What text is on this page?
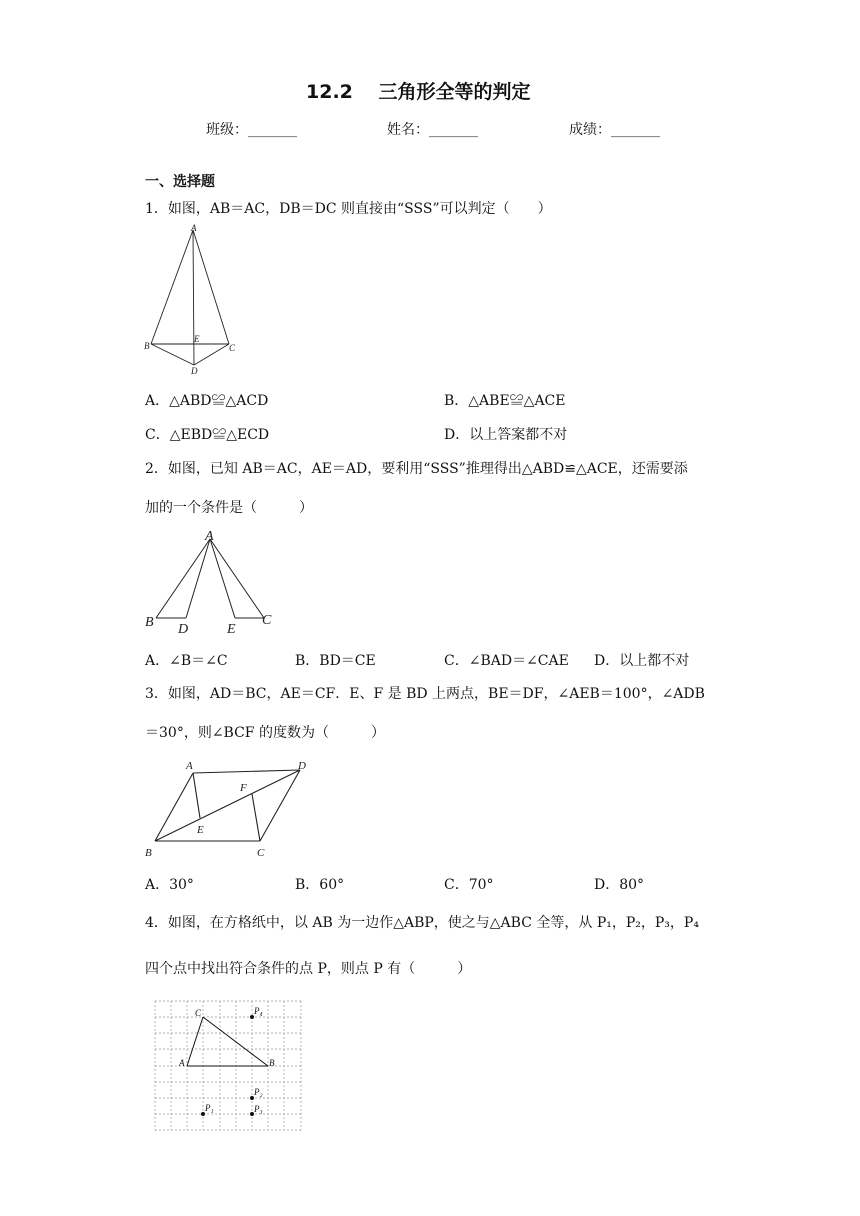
12.2　 三角形全等的判定
班级：_______	姓名：_______	成绩：_______
一、选择题
1．如图，AB＝AC，DB＝DC 则直接由“SSS”可以判定（　　）
A
B
E
C
D
A．△ABD≌△ACD	B．△ABE≌△ACE
C．△EBD≌△ECD	D．以上答案都不对
2．如图，已知 AB＝AC，AE＝AD，要利用“SSS”推理得出△ABD≌△ACE，还需要添
加的一个条件是（　　　）
A
B D	E
C
A．∠B＝∠C	B．BD＝CE	C．∠BAD＝∠CAE D．以上都不对
3．如图，AD＝BC，AE＝CF．E、F 是 BD 上两点，BE＝DF，∠AEB＝100°，∠ADB
＝30°，则∠BCF 的度数为（　　　）
A	D
F
E
B	C
A．30°	B．60°	C．70°	D．80°
4．如图，在方格纸中，以 AB 为一边作△ABP，使之与△ABC 全等，从 P₁，P₂，P₃，P₄
四个点中找出符合条件的点 P，则点 P 有（　　　）
C	P₄
A	B
P₂
P₁	P₃
